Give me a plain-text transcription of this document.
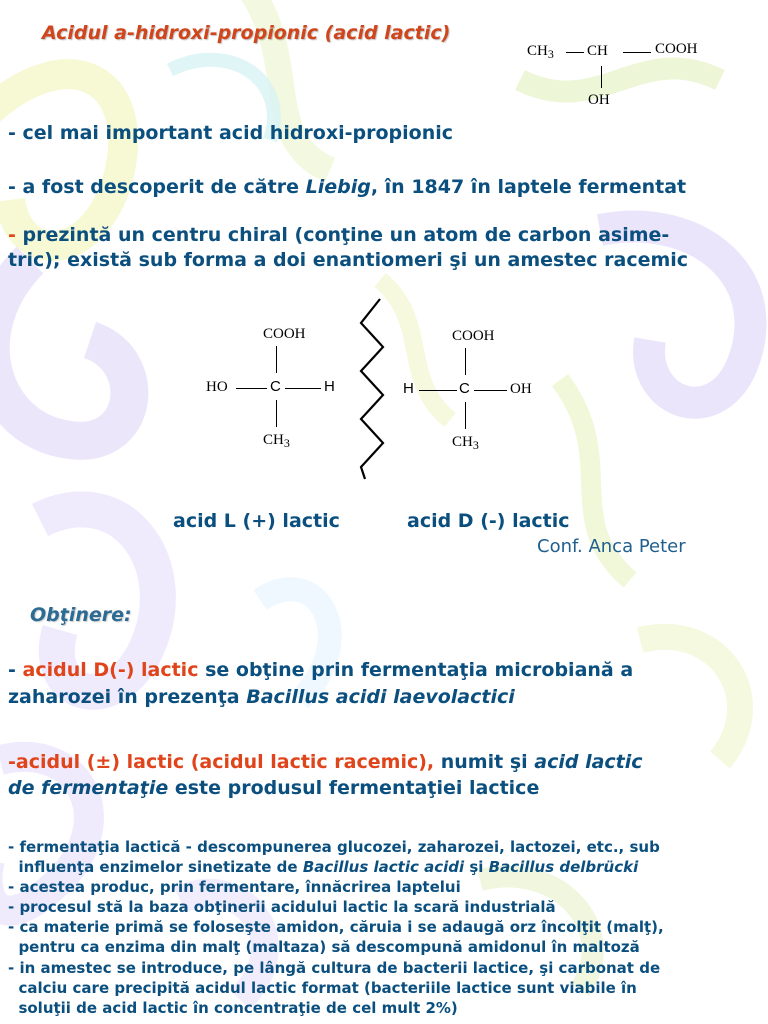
Acidul a-hidroxi-propionic (acid lactic)
$CH_3$ CH	COOH
OH
- cel mai important acid hidroxi-propionic
- a fost descoperit de către Liebig, în 1847 în laptele fermentat
- prezintă un centru chiral (conţine un atom de carbon asime-
tric); există sub forma a doi enantiomeri şi un amestec racemic
COOH
HO	C	H
$CH_3$
COOH
H	C	OH
$CH_3$
acid L (+) lactic	acid D (-) lactic
Conf. Anca Peter
Obţinere:
- acidul D(-) lactic se obţine prin fermentaţia microbiană a
zaharozei în prezenţa Bacillus acidi laevolactici
-acidul (±) lactic (acidul lactic racemic), numit şi acid lactic
de fermentaţie este produsul fermentaţiei lactice
- fermentaţia lactică - descompunerea glucozei, zaharozei, lactozei, etc., sub
influenţa enzimelor sinetizate de Bacillus lactic acidi şi Bacillus delbrücki
- acestea produc, prin fermentare, înnăcrirea laptelui
- procesul stă la baza obţinerii acidului lactic la scară industrială
- ca materie primă se foloseşte amidon, căruia i se adaugă orz încolţit (malţ),
pentru ca enzima din malţ (maltaza) să descompună amidonul în maltoză
- in amestec se introduce, pe lângă cultura de bacterii lactice, şi carbonat de
calciu care precipită acidul lactic format (bacteriile lactice sunt viabile în
soluţii de acid lactic în concentraţie de cel mult 2%)
